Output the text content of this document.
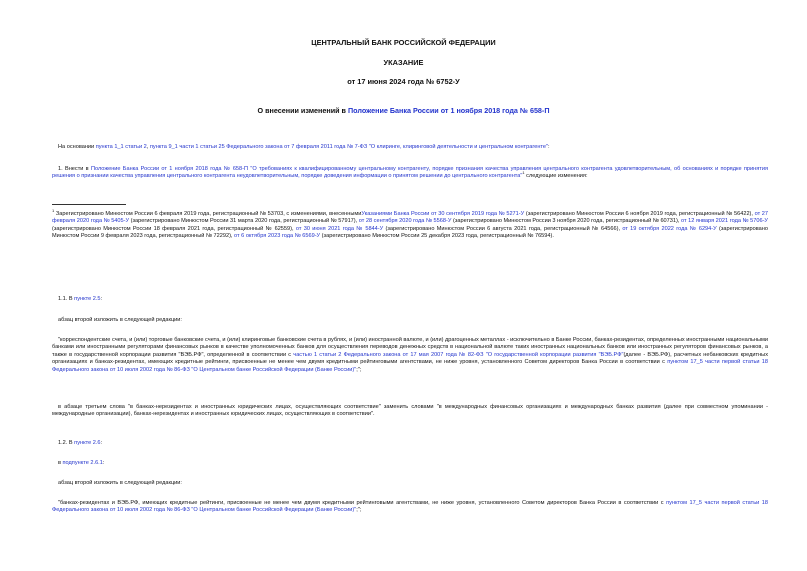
ЦЕНТРАЛЬНЫЙ БАНК РОССИЙСКОЙ ФЕДЕРАЦИИ
УКАЗАНИЕ
от 17 июня 2024 года № 6752-У
О внесении изменений в Положение Банка России от 1 ноября 2018 года № 658-П
На основании пункта 1_1 статьи 2, пункта 9_1 части 1 статьи 25 Федерального закона от 7 февраля 2011 года № 7-ФЗ "О клиринге, клиринговой деятельности и центральном контрагенте":
1. Внести в Положение Банка России от 1 ноября 2018 года № 658-П "О требованиях к квалифицированному центральному контрагенту, порядке признания качества управления центрального контрагента удовлетворительным, об основаниях и порядке принятия решения о признании качества управления центрального контрагента неудовлетворительным, порядке доведения информации о принятом решении до центрального контрагента"$^1$ следующие изменения:
$^1$ Зарегистрировано Минюстом России 6 февраля 2019 года, регистрационный № 53703, с изменениями, внесеннымиУказаниями Банка России от 30 сентября 2019 года № 5271-У (зарегистрировано Минюстом России 6 ноября 2019 года, регистрационный № 56422), от 27 февраля 2020 года № 5405-У (зарегистрировано Минюстом России 31 марта 2020 года, регистрационный № 57917), от 28 сентября 2020 года № 5568-У (зарегистрировано Минюстом России 3 ноября 2020 года, регистрационный № 60731), от 12 января 2021 года № 5706-У (зарегистрировано Минюстом России 18 февраля 2021 года, регистрационный № 62559), от 30 июня 2021 года № 5844-У (зарегистрировано Минюстом России 6 августа 2021 года, регистрационный № 64566), от 19 октября 2022 года № 6294-У (зарегистрировано Минюстом России 9 февраля 2023 года, регистрационный № 72292), от 6 октября 2023 года № 6569-У (зарегистрировано Минюстом России 25 декабря 2023 года, регистрационный № 76594).
1.1. В пункте 2.5:
абзац второй изложить в следующей редакции:
"корреспондентские счета, и (или) торговые банковские счета, и (или) клиринговые банковские счета в рублях, и (или) иностранной валюте, и (или) драгоценных металлах - исключительно в Банке России, банках-резидентах, определенных иностранными национальными банками или иностранными регуляторами финансовых рынков в качестве уполномоченных банков для осуществления переводов денежных средств в национальной валюте таких иностранных национальных банков или иностранных регуляторов финансовых рынков, а также в государственной корпорации развития "ВЭБ.РФ", определенной в соответствии с частью 1 статьи 2 Федерального закона от 17 мая 2007 года № 82-ФЗ "О государственной корпорации развития "ВЭБ.РФ"(далее - ВЭБ.РФ), расчетных небанковских кредитных организациях и банках-резидентах, имеющих кредитные рейтинги, присвоенные не менее чем двумя кредитными рейтинговыми агентствами, не ниже уровня, установленного Советом директоров Банка России в соответствии с пунктом 17_5 части первой статьи 18 Федерального закона от 10 июля 2002 года № 86-ФЗ "О Центральном банке Российской Федерации (Банке России)";";
в абзаце третьем слова "в банках-нерезидентах и иностранных юридических лицах, осуществляющих соответствие" заменить словами "в международных финансовых организациях и международных банках развития (далее при совместном упоминании - международные организации), банках-нерезидентах и иностранных юридических лицах, осуществляющих в соответствии".
1.2. В пункте 2.6:
в подпункте 2.6.1:
абзац второй изложить в следующей редакции:
"банках-резидентах и ВЭБ.РФ, имеющих кредитные рейтинги, присвоенные не менее чем двумя кредитными рейтинговыми агентствами, не ниже уровня, установленного Советом директоров Банка России в соответствии с пунктом 17_5 части первой статьи 18 Федерального закона от 10 июля 2002 года № 86-ФЗ "О Центральном банке Российской Федерации (Банке России)";";
